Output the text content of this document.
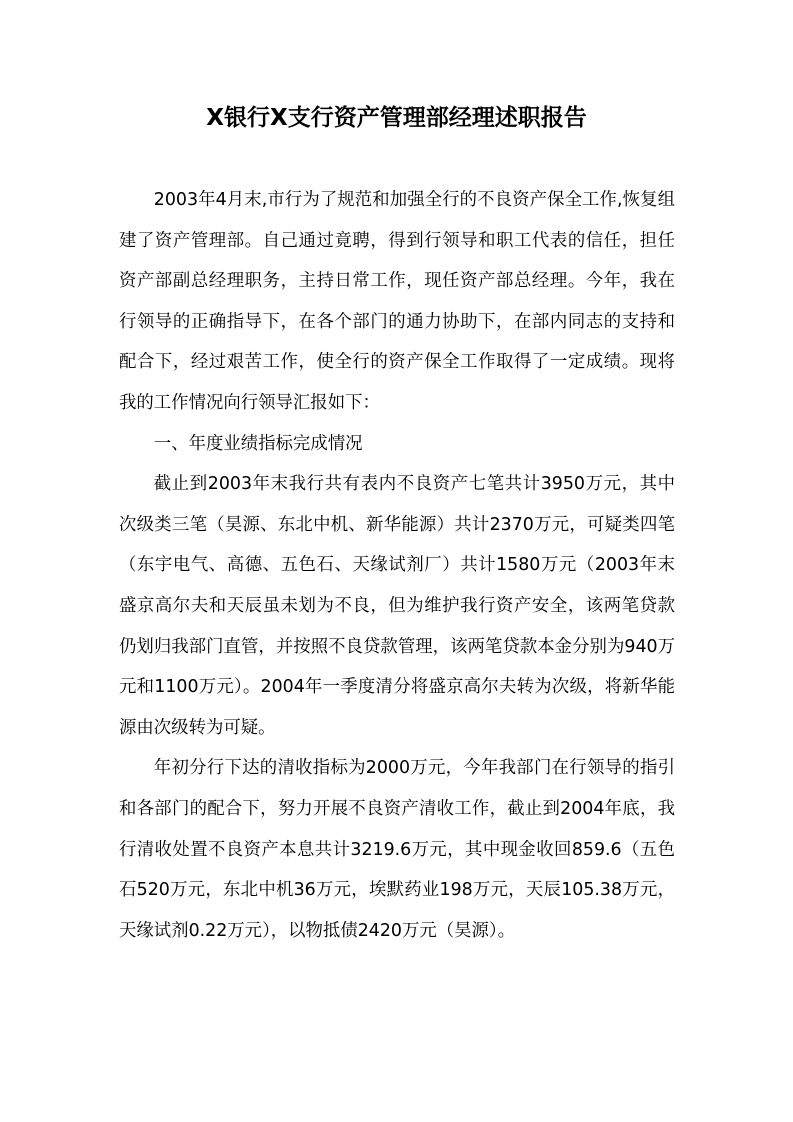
X银行X支行资产管理部经理述职报告

2003年4月末,市行为了规范和加强全行的不良资产保全工作,恢复组建了资产管理部。自己通过竟聘，得到行领导和职工代表的信任，担任资产部副总经理职务，主持日常工作，现任资产部总经理。今年，我在行领导的正确指导下，在各个部门的通力协助下，在部内同志的支持和配合下，经过艰苦工作，使全行的资产保全工作取得了一定成绩。现将我的工作情况向行领导汇报如下：

一、年度业绩指标完成情况

截止到2003年末我行共有表内不良资产七笔共计3950万元，其中次级类三笔（昊源、东北中机、新华能源）共计2370万元，可疑类四笔（东宇电气、高德、五色石、天缘试剂厂）共计1580万元（2003年末盛京高尔夫和天辰虽未划为不良，但为维护我行资产安全，该两笔贷款仍划归我部门直管，并按照不良贷款管理，该两笔贷款本金分别为940万元和1100万元）。2004年一季度清分将盛京高尔夫转为次级，将新华能源由次级转为可疑。

年初分行下达的清收指标为2000万元，今年我部门在行领导的指引和各部门的配合下，努力开展不良资产清收工作，截止到2004年底，我行清收处置不良资产本息共计3219.6万元，其中现金收回859.6（五色石520万元，东北中机36万元，埃默药业198万元，天辰105.38万元，天缘试剂0.22万元），以物抵债2420万元（昊源）。
